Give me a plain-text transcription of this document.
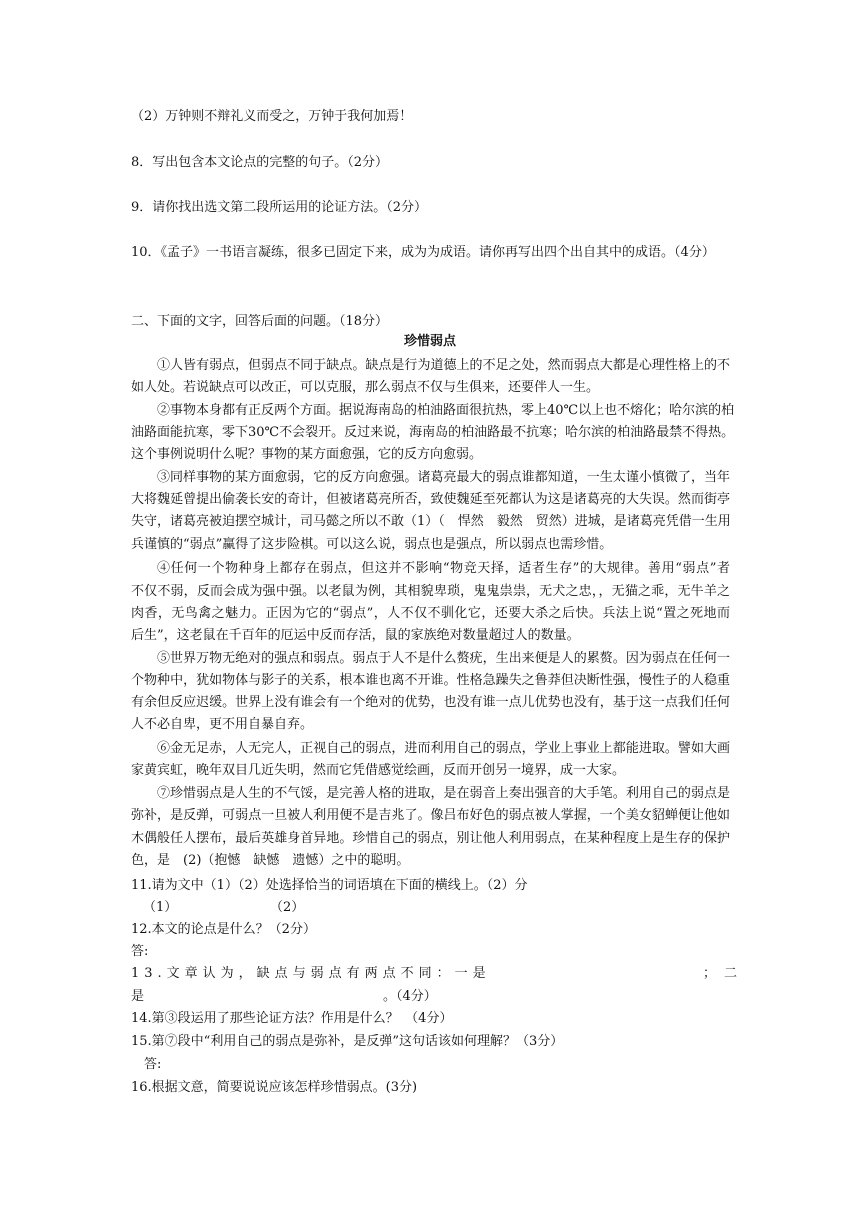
（2）万钟则不辩礼义而受之，万钟于我何加焉！
8．写出包含本文论点的完整的句子。（2分）
9．请你找出选文第二段所运用的论证方法。（2分）
10．《孟子》一书语言凝练，很多已固定下来，成为为成语。请你再写出四个出自其中的成语。（4分）
二、下面的文字，回答后面的问题。（18分）
珍惜弱点
①人皆有弱点，但弱点不同于缺点。缺点是行为道德上的不足之处，然而弱点大都是心理性格上的不
如人处。若说缺点可以改正，可以克服，那么弱点不仅与生俱来，还要伴人一生。
②事物本身都有正反两个方面。据说海南岛的柏油路面很抗热，零上40℃以上也不熔化；哈尔滨的柏
油路面能抗寒，零下30℃不会裂开。反过来说，海南岛的柏油路最不抗寒；哈尔滨的柏油路最禁不得热。
这个事例说明什么呢？事物的某方面愈强，它的反方向愈弱。
③同样事物的某方面愈弱，它的反方向愈强。诸葛亮最大的弱点谁都知道，一生太谨小慎微了，当年
大将魏延曾提出偷袭长安的奇计，但被诸葛亮所否，致使魏延至死都认为这是诸葛亮的大失误。然而街亭
失守，诸葛亮被迫摆空城计，司马懿之所以不敢（1）（　悍然　毅然　贸然）进城，是诸葛亮凭借一生用
兵谨慎的“弱点”赢得了这步险棋。可以这么说，弱点也是强点，所以弱点也需珍惜。
④任何一个物种身上都存在弱点，但这并不影响“物竞天择，适者生存”的大规律。善用“弱点”者
不仅不弱，反而会成为强中强。以老鼠为例，其相貌卑琐，鬼鬼祟祟，无犬之忠，，无猫之乖，无牛羊之
肉香，无鸟禽之魅力。正因为它的“弱点”，人不仅不驯化它，还要大杀之后快。兵法上说“置之死地而
后生”，这老鼠在千百年的厄运中反而存活，鼠的家族绝对数量超过人的数量。
⑤世界万物无绝对的强点和弱点。弱点于人不是什么赘疣，生出来便是人的累赘。因为弱点在任何一
个物种中，犹如物体与影子的关系，根本谁也离不开谁。性格急躁失之鲁莽但决断性强，慢性子的人稳重
有余但反应迟缓。世界上没有谁会有一个绝对的优势，也没有谁一点儿优势也没有，基于这一点我们任何
人不必自卑，更不用自暴自弃。
⑥金无足赤，人无完人，正视自己的弱点，进而利用自己的弱点，学业上事业上都能进取。譬如大画
家黄宾虹，晚年双目几近失明，然而它凭借感觉绘画，反而开创另一境界，成一大家。
⑦珍惜弱点是人生的不气馁，是完善人格的进取，是在弱音上奏出强音的大手笔。利用自己的弱点是
弥补，是反弹，可弱点一旦被人利用便不是吉兆了。像吕布好色的弱点被人掌握，一个美女貂蝉便让他如
木偶般任人摆布，最后英雄身首异地。珍惜自己的弱点，别让他人利用弱点，在某种程度上是生存的保护
色，是　(2)（抱憾　缺憾　遗憾）之中的聪明。
11.请为文中（1）（2）处选择恰当的词语填在下面的横线上。（2）分
（1）	（2）
12.本文的论点是什么？（2分）
答:
13.文章认为，缺点与弱点有两点不同：一是	；二
是	。（4分）
14.第③段运用了那些论证方法？作用是什么？　（4分）
15.第⑦段中“利用自己的弱点是弥补，是反弹”这句话该如何理解？（3分）
答:
16.根据文意，简要说说应该怎样珍惜弱点。(3分)
